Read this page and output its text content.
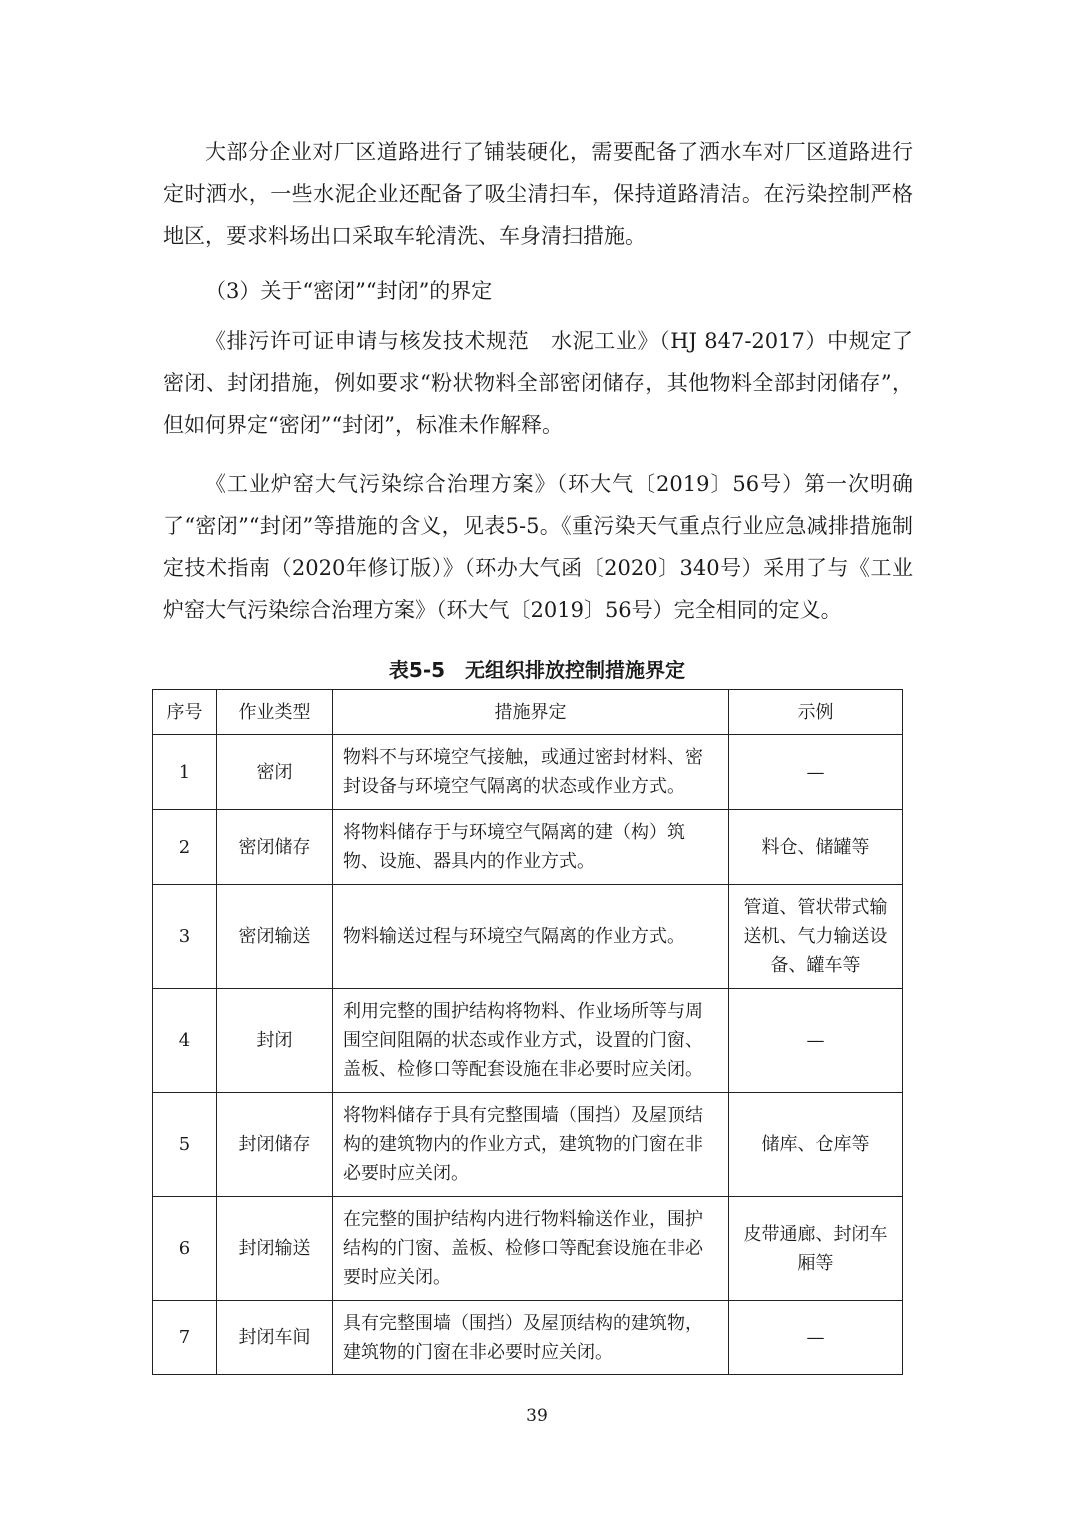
大部分企业对厂区道路进行了铺装硬化，需要配备了洒水车对厂区道路进行定时洒水，一些水泥企业还配备了吸尘清扫车，保持道路清洁。在污染控制严格地区，要求料场出口采取车轮清洗、车身清扫措施。

（3）关于“密闭”“封闭”的界定

《排污许可证申请与核发技术规范　水泥工业》（HJ 847-2017）中规定了密闭、封闭措施，例如要求“粉状物料全部密闭储存，其他物料全部封闭储存”，但如何界定“密闭”“封闭”，标准未作解释。

《工业炉窑大气污染综合治理方案》（环大气〔2019〕56号）第一次明确了“密闭”“封闭”等措施的含义，见表5-5。《重污染天气重点行业应急减排措施制定技术指南（2020年修订版）》（环办大气函〔2020〕340号）采用了与《工业炉窑大气污染综合治理方案》（环大气〔2019〕56号）完全相同的定义。

表5-5　无组织排放控制措施界定
序号	作业类型	措施界定	示例
1	密闭	物料不与环境空气接触，或通过密封材料、密封设备与环境空气隔离的状态或作业方式。	—
2	密闭储存	将物料储存于与环境空气隔离的建（构）筑物、设施、器具内的作业方式。	料仓、储罐等
3	密闭输送	物料输送过程与环境空气隔离的作业方式。	管道、管状带式输送机、气力输送设备、罐车等
4	封闭	利用完整的围护结构将物料、作业场所等与周围空间阻隔的状态或作业方式，设置的门窗、盖板、检修口等配套设施在非必要时应关闭。	—
5	封闭储存	将物料储存于具有完整围墙（围挡）及屋顶结构的建筑物内的作业方式，建筑物的门窗在非必要时应关闭。	储库、仓库等
6	封闭输送	在完整的围护结构内进行物料输送作业，围护结构的门窗、盖板、检修口等配套设施在非必要时应关闭。	皮带通廊、封闭车厢等
7	封闭车间	具有完整围墙（围挡）及屋顶结构的建筑物，建筑物的门窗在非必要时应关闭。	—
39
